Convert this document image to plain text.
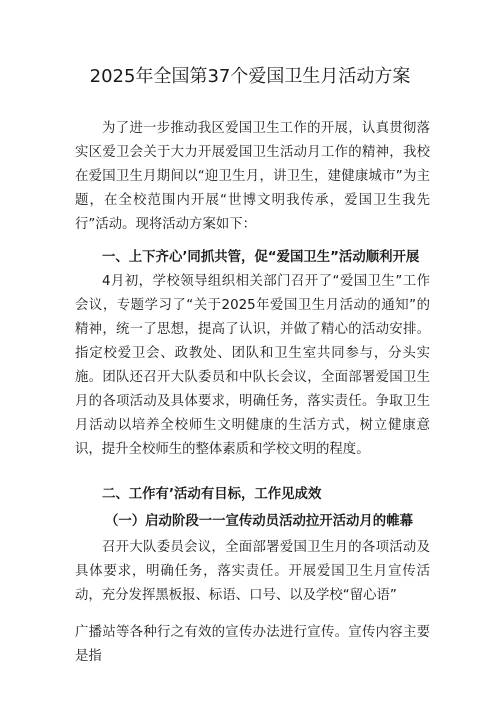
2025年全国第37个爱国卫生月活动方案
为了进一步推动我区爱国卫生工作的开展，认真贯彻落实区爱卫会关于大力开展爱国卫生活动月工作的精神，我校在爱国卫生月期间以“迎卫生月，讲卫生，建健康城市”为主题，在全校范围内开展“世博文明我传承，爱国卫生我先行”活动。现将活动方案如下：
一、上下齐心’同抓共管，促“爱国卫生”活动顺利开展
4月初，学校领导组织相关部门召开了“爱国卫生”工作会议，专题学习了“关于2025年爱国卫生月活动的通知”的精神，统一了思想，提高了认识，并做了精心的活动安排。指定校爱卫会、政教处、团队和卫生室共同参与，分头实施。团队还召开大队委员和中队长会议，全面部署爱国卫生月的各项活动及具体要求，明确任务，落实责任。争取卫生月活动以培养全校师生文明健康的生活方式，树立健康意识，提升全校师生的整体素质和学校文明的程度。
二、工作有’活动有目标，工作见成效
（一）启动阶段一一宣传动员活动拉开活动月的帷幕
召开大队委员会议，全面部署爱国卫生月的各项活动及具体要求，明确任务，落实责任。开展爱国卫生月宣传活动，充分发挥黑板报、标语、口号、以及学校“留心语”
广播站等各种行之有效的宣传办法进行宣传。宣传内容主要是指
